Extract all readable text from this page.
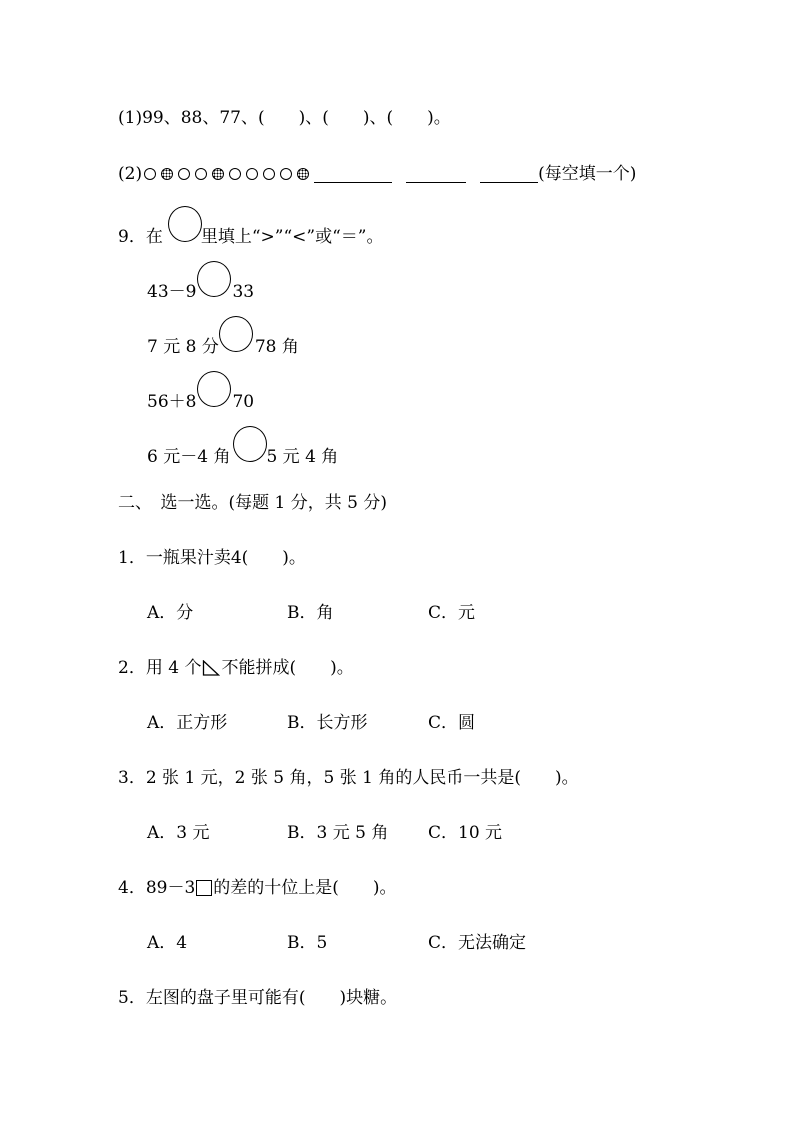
(1)99、88、77、(　　)、(　　)、(　　)。
(2)	(每空填一个)
9． 在 里填上“>”“<”或“＝”。
43－9 33
7 元 8 分 78 角
56＋8 70
6 元－4 角 5 元 4 角
二、　选一选。(每题 1 分，共 5 分)
1．一瓶果汁卖4(　　)。
A．分	B．角	C．元
2．用 4 个 不能拼成(　　)。
A．正方形	B．长方形	C．圆
3．2 张 1 元，2 张 5 角，5 张 1 角的人民币一共是(　　)。
A．3 元	B．3 元 5 角 C．10 元
4．89－3 的差的十位上是(　　)。
A．4	B．5	C．无法确定
5．左图的盘子里可能有(　　)块糖。
